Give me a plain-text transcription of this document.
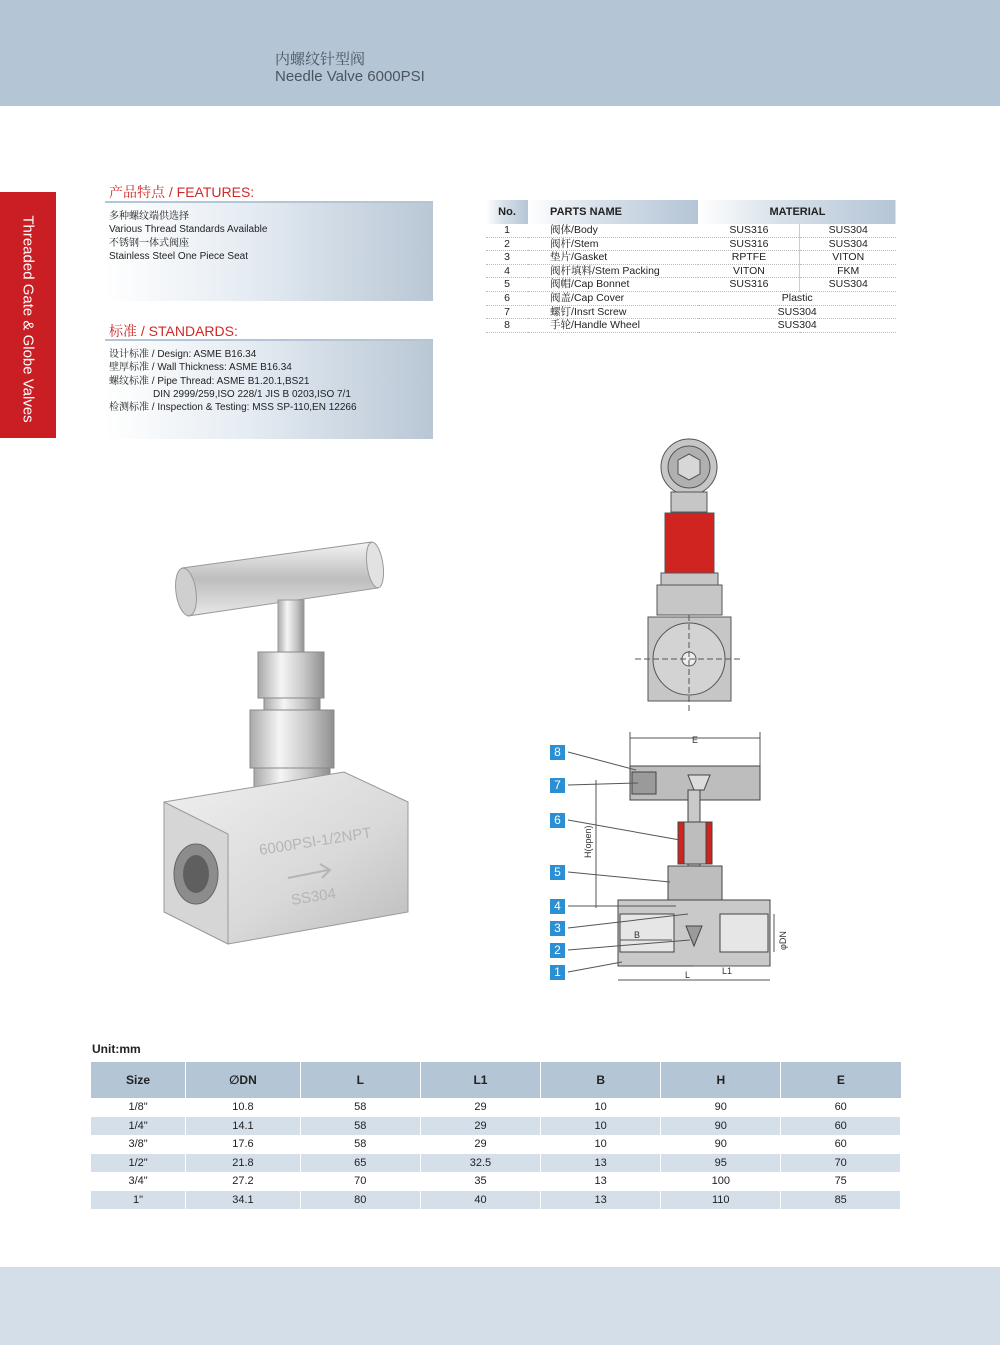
内螺纹针型阀
Needle Valve 6000PSI
Threaded Gate & Globe Valves
产品特点 / FEATURES:
多种螺纹端供选择
Various Thread Standards Available
不锈钢一体式阀座
Stainless Steel One Piece Seat
标准 / STANDARDS:
设计标准 / Design: ASME B16.34
壁厚标准 / Wall Thickness: ASME B16.34
螺纹标准 / Pipe Thread: ASME B1.20.1,BS21
DIN 2999/259,ISO 228/1 JIS B 0203,ISO 7/1
检测标准 / Inspection & Testing: MSS SP-110,EN 12266
No.	PARTS NAME	MATERIAL	
1	阀体/Body	SUS316	SUS304
2	阀杆/Stem	SUS316	SUS304
3	垫片/Gasket	RPTFE	VITON
4	阀杆填料/Stem Packing	VITON	FKM
5	阀帽/Cap Bonnet	SUS316	SUS304
6	阀盖/Cap Cover	Plastic	
7	螺钉/Insrt Screw	SUS304	
8	手轮/Handle Wheel	SUS304	
6000PSI-1/2NPT
SS304
E
H(open)
L	L1
B	φDN
8
7
6
5
4
3
2
1
Unit:mm
Size	∅DN	L	L1	B	H	E
1/8"	10.8	58	29	10	90	60
1/4"	14.1	58	29	10	90	60
3/8"	17.6	58	29	10	90	60
1/2"	21.8	65	32.5	13	95	70
3/4"	27.2	70	35	13	100	75
1"	34.1	80	40	13	110	85
